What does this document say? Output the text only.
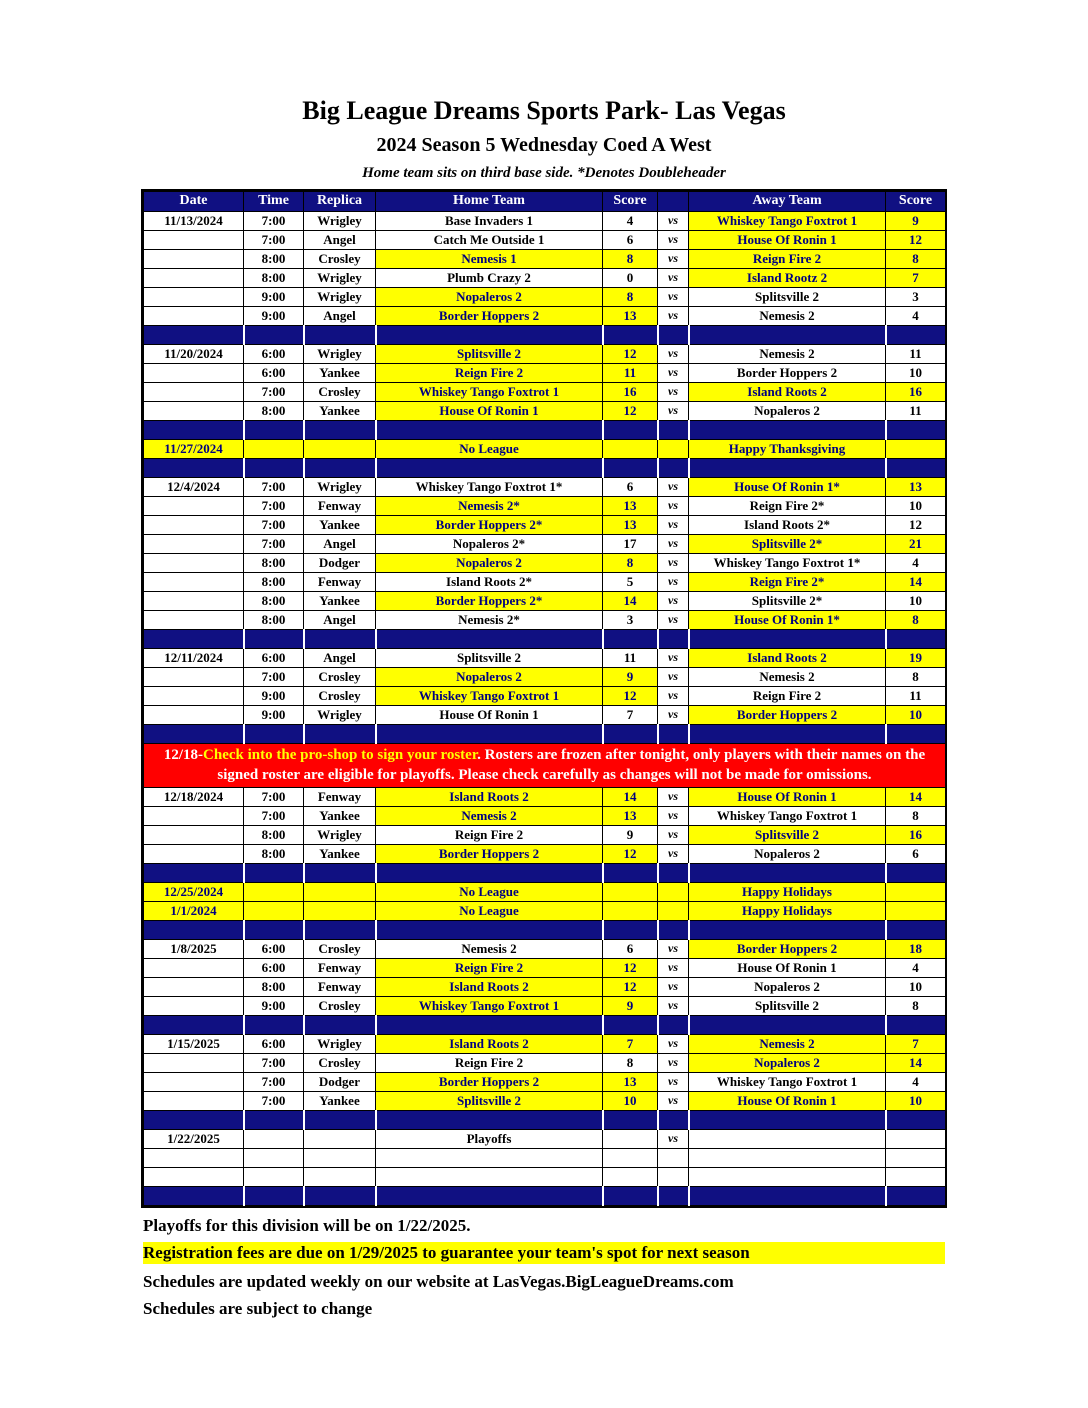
Big League Dreams Sports Park- Las Vegas
2024 Season 5 Wednesday Coed A West
Home team sits on third base side. *Denotes Doubleheader
Date	Time	Replica	Home Team	Score		Away Team	Score
11/13/2024	7:00	Wrigley	Base Invaders 1	4	vs	Whiskey Tango Foxtrot 1	9
	7:00	Angel	Catch Me Outside 1	6	vs	House Of Ronin 1	12
	8:00	Crosley	Nemesis 1	8	vs	Reign Fire 2	8
	8:00	Wrigley	Plumb Crazy 2	0	vs	Island Rootz 2	7
	9:00	Wrigley	Nopaleros 2	8	vs	Splitsville 2	3
	9:00	Angel	Border Hoppers 2	13	vs	Nemesis 2	4

11/20/2024	6:00	Wrigley	Splitsville 2	12	vs	Nemesis 2	11
	6:00	Yankee	Reign Fire 2	11	vs	Border Hoppers 2	10
	7:00	Crosley	Whiskey Tango Foxtrot 1	16	vs	Island Roots 2	16
	8:00	Yankee	House Of Ronin 1	12	vs	Nopaleros 2	11

11/27/2024			No League			Happy Thanksgiving	

12/4/2024	7:00	Wrigley	Whiskey Tango Foxtrot 1*	6	vs	House Of Ronin 1*	13
	7:00	Fenway	Nemesis 2*	13	vs	Reign Fire 2*	10
	7:00	Yankee	Border Hoppers 2*	13	vs	Island Roots 2*	12
	7:00	Angel	Nopaleros 2*	17	vs	Splitsville 2*	21
	8:00	Dodger	Nopaleros 2	8	vs	Whiskey Tango Foxtrot 1*	4
	8:00	Fenway	Island Roots 2*	5	vs	Reign Fire 2*	14
	8:00	Yankee	Border Hoppers 2*	14	vs	Splitsville 2*	10
	8:00	Angel	Nemesis 2*	3	vs	House Of Ronin 1*	8

12/11/2024	6:00	Angel	Splitsville 2	11	vs	Island Roots 2	19
	7:00	Crosley	Nopaleros 2	9	vs	Nemesis 2	8
	9:00	Crosley	Whiskey Tango Foxtrot 1	12	vs	Reign Fire 2	11
	9:00	Wrigley	House Of Ronin 1	7	vs	Border Hoppers 2	10

12/18-Check into the pro-shop to sign your roster. Rosters are frozen after tonight, only players with their names on the signed roster are eligible for playoffs. Please check carefully as changes will not be made for omissions.							
12/18/2024	7:00	Fenway	Island Roots 2	14	vs	House Of Ronin 1	14
	7:00	Yankee	Nemesis 2	13	vs	Whiskey Tango Foxtrot 1	8
	8:00	Wrigley	Reign Fire 2	9	vs	Splitsville 2	16
	8:00	Yankee	Border Hoppers 2	12	vs	Nopaleros 2	6

12/25/2024			No League			Happy Holidays	
1/1/2024			No League			Happy Holidays	

1/8/2025	6:00	Crosley	Nemesis 2	6	vs	Border Hoppers 2	18
	6:00	Fenway	Reign Fire 2	12	vs	House Of Ronin 1	4
	8:00	Fenway	Island Roots 2	12	vs	Nopaleros 2	10
	9:00	Crosley	Whiskey Tango Foxtrot 1	9	vs	Splitsville 2	8

1/15/2025	6:00	Wrigley	Island Roots 2	7	vs	Nemesis 2	7
	7:00	Crosley	Reign Fire 2	8	vs	Nopaleros 2	14
	7:00	Dodger	Border Hoppers 2	13	vs	Whiskey Tango Foxtrot 1	4
	7:00	Yankee	Splitsville 2	10	vs	House Of Ronin 1	10

1/22/2025			Playoffs		vs		

Playoffs for this division will be on 1/22/2025.
Registration fees are due on 1/29/2025 to guarantee your team's spot for next season
Schedules are updated weekly on our website at LasVegas.BigLeagueDreams.com
Schedules are subject to change
